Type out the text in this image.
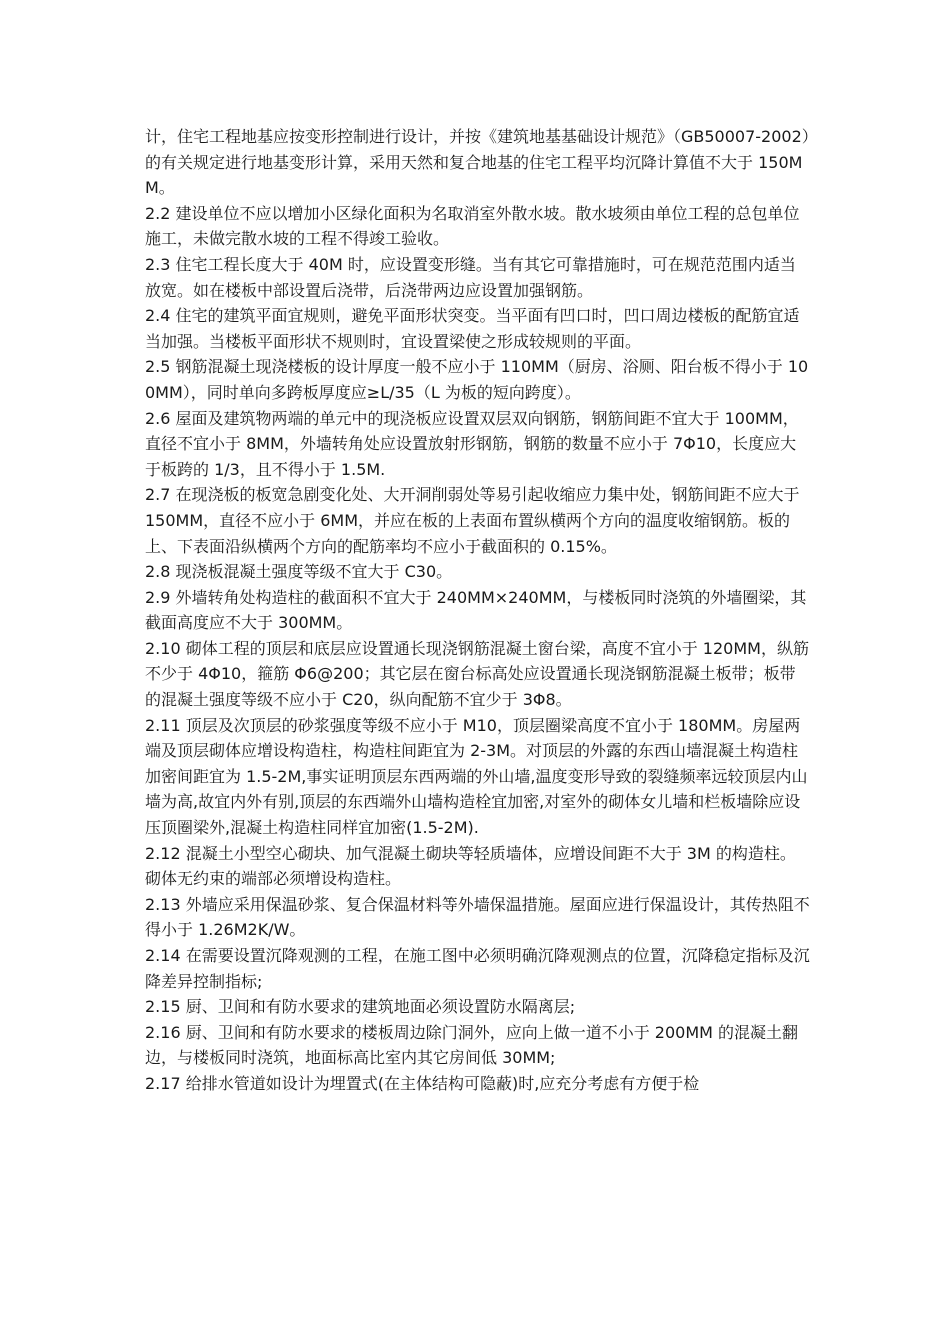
计，住宅工程地基应按变形控制进行设计，并按《建筑地基基础设计规范》（GB50007-2002）的有关规定进行地基变形计算，采用天然和复合地基的住宅工程平均沉降计算值不大于 150MM。

2.2 建设单位不应以增加小区绿化面积为名取消室外散水坡。散水坡须由单位工程的总包单位施工，未做完散水坡的工程不得竣工验收。

2.3 住宅工程长度大于 40M 时，应设置变形缝。当有其它可靠措施时，可在规范范围内适当放宽。如在楼板中部设置后浇带，后浇带两边应设置加强钢筋。

2.4 住宅的建筑平面宜规则，避免平面形状突变。当平面有凹口时，凹口周边楼板的配筋宜适当加强。当楼板平面形状不规则时，宜设置梁使之形成较规则的平面。

2.5 钢筋混凝土现浇楼板的设计厚度一般不应小于 110MM（厨房、浴厕、阳台板不得小于 100MM），同时单向多跨板厚度应≥L/35（L 为板的短向跨度）。

2.6 屋面及建筑物两端的单元中的现浇板应设置双层双向钢筋，钢筋间距不宜大于 100MM，直径不宜小于 8MM，外墙转角处应设置放射形钢筋，钢筋的数量不应小于 7Φ10，长度应大于板跨的 1/3，且不得小于 1.5M.

2.7 在现浇板的板宽急剧变化处、大开洞削弱处等易引起收缩应力集中处，钢筋间距不应大于 150MM，直径不应小于 6MM，并应在板的上表面布置纵横两个方向的温度收缩钢筋。板的上、下表面沿纵横两个方向的配筋率均不应小于截面积的 0.15%。

2.8 现浇板混凝土强度等级不宜大于 C30。

2.9 外墙转角处构造柱的截面积不宜大于 240MM×240MM，与楼板同时浇筑的外墙圈梁，其截面高度应不大于 300MM。

2.10 砌体工程的顶层和底层应设置通长现浇钢筋混凝土窗台梁，高度不宜小于 120MM，纵筋不少于 4Φ10，箍筋 Φ6@200；其它层在窗台标高处应设置通长现浇钢筋混凝土板带；板带的混凝土强度等级不应小于 C20，纵向配筋不宜少于 3Φ8。

2.11 顶层及次顶层的砂浆强度等级不应小于 M10，顶层圈梁高度不宜小于 180MM。房屋两端及顶层砌体应增设构造柱，构造柱间距宜为 2-3M。对顶层的外露的东西山墙混凝土构造柱加密间距宜为 1.5-2M,事实证明顶层东西两端的外山墙,温度变形导致的裂缝频率远较顶层内山墙为高,故宜内外有别,顶层的东西端外山墙构造栓宜加密,对室外的砌体女儿墙和栏板墙除应设压顶圈梁外,混凝土构造柱同样宜加密(1.5-2M).

2.12 混凝土小型空心砌块、加气混凝土砌块等轻质墙体，应增设间距不大于 3M 的构造柱。砌体无约束的端部必须增设构造柱。

2.13 外墙应采用保温砂浆、复合保温材料等外墙保温措施。屋面应进行保温设计，其传热阻不得小于 1.26M2K/W。

2.14 在需要设置沉降观测的工程，在施工图中必须明确沉降观测点的位置，沉降稳定指标及沉降差异控制指标;

2.15 厨、卫间和有防水要求的建筑地面必须设置防水隔离层;

2.16 厨、卫间和有防水要求的楼板周边除门洞外，应向上做一道不小于 200MM 的混凝土翻边，与楼板同时浇筑，地面标高比室内其它房间低 30MM;

2.17 给排水管道如设计为埋置式(在主体结构可隐蔽)时,应充分考虑有方便于检
